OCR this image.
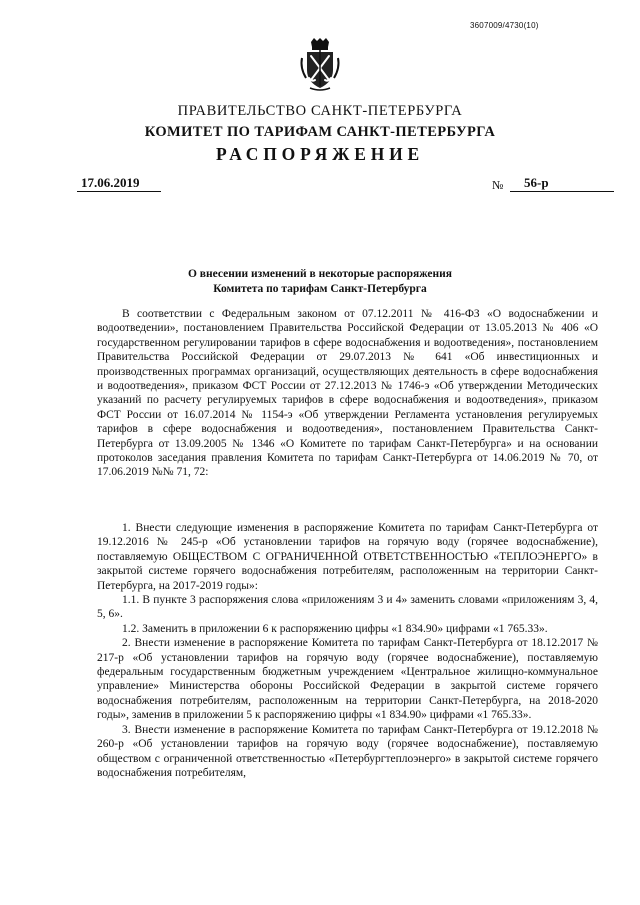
3607009/4730(10)
ПРАВИТЕЛЬСТВО САНКТ-ПЕТЕРБУРГА
КОМИТЕТ ПО ТАРИФАМ САНКТ-ПЕТЕРБУРГА
РАСПОРЯЖЕНИЕ
17.06.2019	№	56-р
О внесении изменений в некоторые распоряжения
Комитета по тарифам Санкт-Петербурга

В соответствии с Федеральным законом от 07.12.2011 № 416-ФЗ «О водоснабжении и водоотведении», постановлением Правительства Российской Федерации от 13.05.2013 № 406 «О государственном регулировании тарифов в сфере водоснабжения и водоотведения», постановлением Правительства Российской Федерации от 29.07.2013 № 641 «Об инвестиционных и производственных программах организаций, осуществляющих деятельность в сфере водоснабжения и водоотведения», приказом ФСТ России от 27.12.2013 № 1746-э «Об утверждении Методических указаний по расчету регулируемых тарифов в сфере водоснабжения и водоотведения», приказом ФСТ России от 16.07.2014 № 1154-э «Об утверждении Регламента установления регулируемых тарифов в сфере водоснабжения и водоотведения», постановлением Правительства Санкт-Петербурга от 13.09.2005 № 1346 «О Комитете по тарифам Санкт-Петербурга» и на основании протоколов заседания правления Комитета по тарифам Санкт-Петербурга от 14.06.2019 № 70, от 17.06.2019 №№ 71, 72:

1. Внести следующие изменения в распоряжение Комитета по тарифам Санкт-Петербурга от 19.12.2016 № 245-р «Об установлении тарифов на горячую воду (горячее водоснабжение), поставляемую ОБЩЕСТВОМ С ОГРАНИЧЕННОЙ ОТВЕТСТВЕННОСТЬЮ «ТЕПЛОЭНЕРГО» в закрытой системе горячего водоснабжения потребителям, расположенным на территории Санкт-Петербурга, на 2017-2019 годы»:

1.1. В пункте 3 распоряжения слова «приложениям 3 и 4» заменить словами «приложениям 3, 4, 5, 6».

1.2. Заменить в приложении 6 к распоряжению цифры «1 834.90» цифрами «1 765.33».

2. Внести изменение в распоряжение Комитета по тарифам Санкт-Петербурга от 18.12.2017 № 217-р «Об установлении тарифов на горячую воду (горячее водоснабжение), поставляемую федеральным государственным бюджетным учреждением «Центральное жилищно-коммунальное управление» Министерства обороны Российской Федерации в закрытой системе горячего водоснабжения потребителям, расположенным на территории Санкт-Петербурга, на 2018-2020 годы», заменив в приложении 5 к распоряжению цифры «1 834.90» цифрами «1 765.33».

3. Внести изменение в распоряжение Комитета по тарифам Санкт-Петербурга от 19.12.2018 № 260-р «Об установлении тарифов на горячую воду (горячее водоснабжение), поставляемую обществом с ограниченной ответственностью «Петербургтеплоэнерго» в закрытой системе горячего водоснабжения потребителям,
